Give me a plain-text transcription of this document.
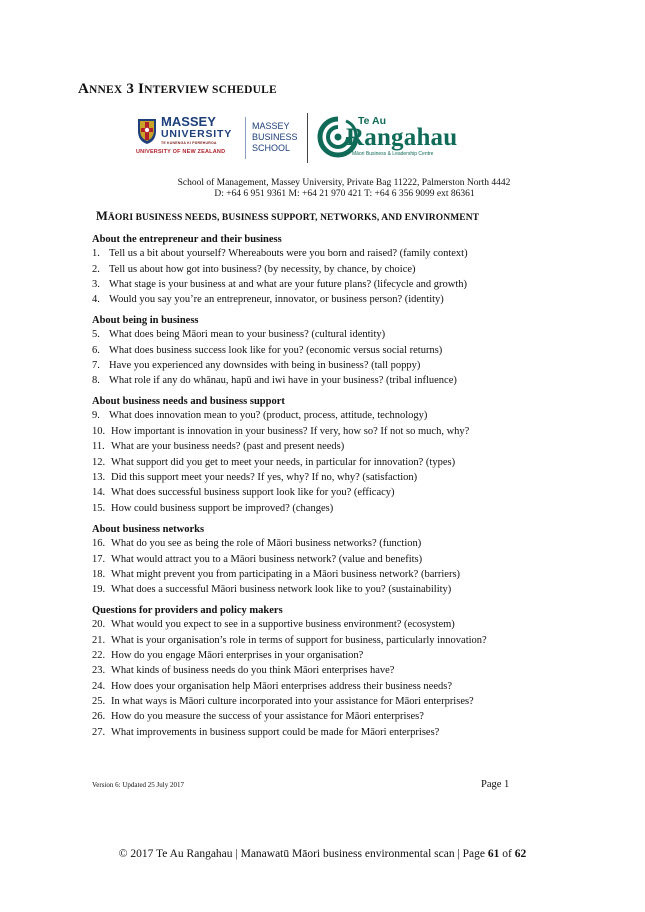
ANNEX 3 INTERVIEW SCHEDULE
MASSEY
UNIVERSITY
TE KUNENGA KI PŪREHUROA
UNIVERSITY OF NEW ZEALAND
MASSEY
BUSINESS
SCHOOL
Te Au
Rangahau
Māori Business & Leadership Centre
School of Management, Massey University, Private Bag 11222, Palmerston North 4442
D: +64 6 951 9361 M: +64 21 970 421 T: +64 6 356 9099 ext 86361
MĀORI BUSINESS NEEDS, BUSINESS SUPPORT, NETWORKS, AND ENVIRONMENT
About the entrepreneur and their business
1. Tell us a bit about yourself? Whereabouts were you born and raised? (family context)
2. Tell us about how got into business? (by necessity, by chance, by choice)
3. What stage is your business at and what are your future plans? (lifecycle and growth)
4. Would you say you’re an entrepreneur, innovator, or business person? (identity)
About being in business
5. What does being Māori mean to your business? (cultural identity)
6. What does business success look like for you? (economic versus social returns)
7. Have you experienced any downsides with being in business? (tall poppy)
8. What role if any do whānau, hapū and iwi have in your business? (tribal influence)
About business needs and business support
9. What does innovation mean to you? (product, process, attitude, technology)
10. How important is innovation in your business? If very, how so? If not so much, why?
11. What are your business needs? (past and present needs)
12. What support did you get to meet your needs, in particular for innovation? (types)
13. Did this support meet your needs? If yes, why? If no, why? (satisfaction)
14. What does successful business support look like for you? (efficacy)
15. How could business support be improved? (changes)
About business networks
16. What do you see as being the role of Māori business networks? (function)
17. What would attract you to a Māori business network? (value and benefits)
18. What might prevent you from participating in a Māori business network? (barriers)
19. What does a successful Māori business network look like to you? (sustainability)
Questions for providers and policy makers
20. What would you expect to see in a supportive business environment? (ecosystem)
21. What is your organisation’s role in terms of support for business, particularly innovation?
22. How do you engage Māori enterprises in your organisation?
23. What kinds of business needs do you think Māori enterprises have?
24. How does your organisation help Māori enterprises address their business needs?
25. In what ways is Māori culture incorporated into your assistance for Māori enterprises?
26. How do you measure the success of your assistance for Māori enterprises?
27. What improvements in business support could be made for Māori enterprises?
Version 6: Updated 25 July 2017	Page 1
© 2017 Te Au Rangahau | Manawatū Māori business environmental scan | Page 61 of 62
